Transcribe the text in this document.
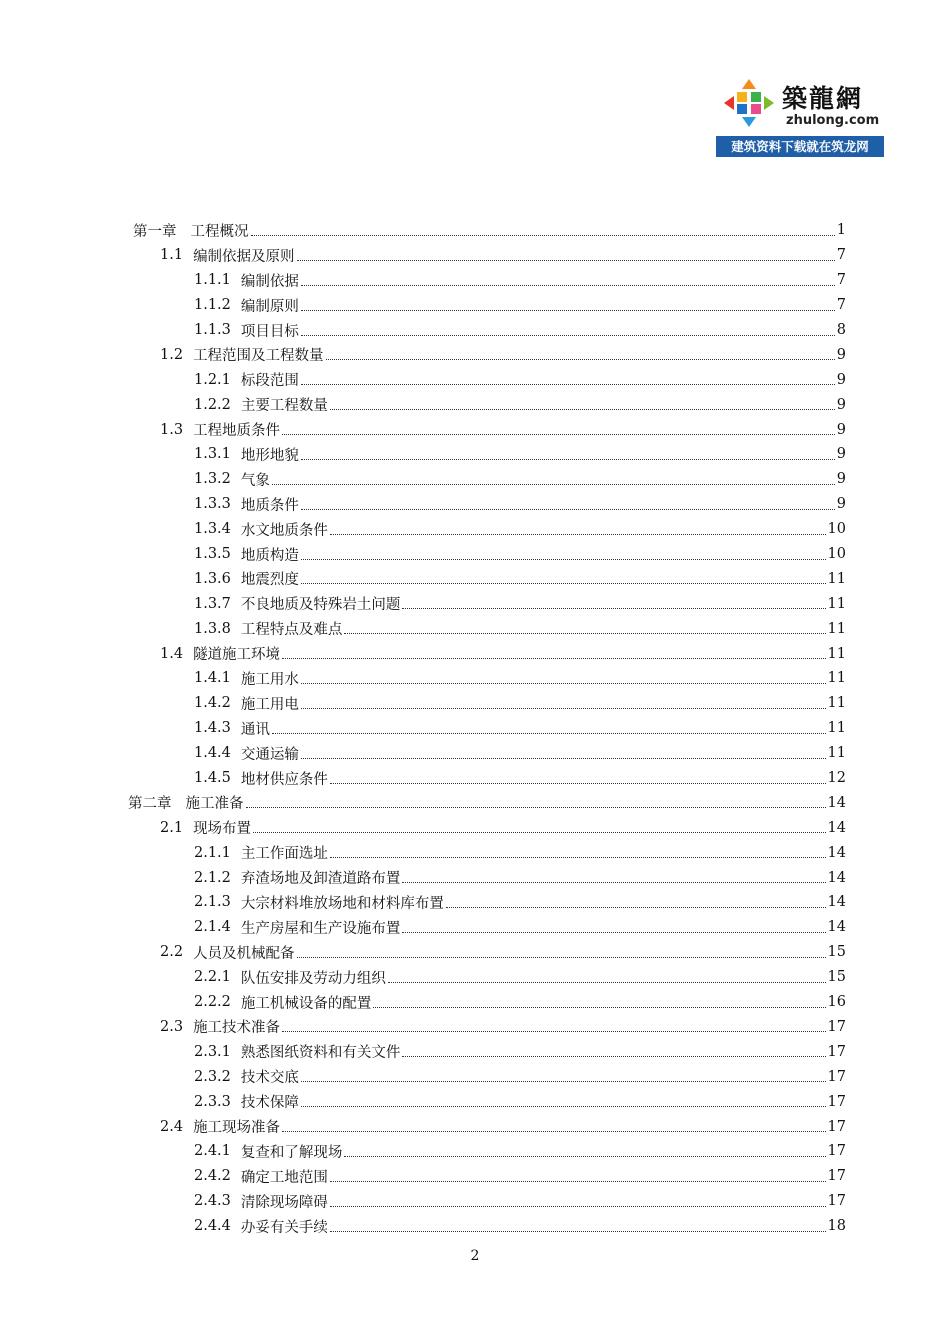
築龍網
zhulong.com
建筑资料下载就在筑龙网
第一章 工程概况	1
1.1 编制依据及原则	7
1.1.1 编制依据	7
1.1.2 编制原则	7
1.1.3 项目目标	8
1.2 工程范围及工程数量	9
1.2.1 标段范围	9
1.2.2 主要工程数量	9
1.3 工程地质条件	9
1.3.1 地形地貌	9
1.3.2 气象	9
1.3.3 地质条件	9
1.3.4 水文地质条件	10
1.3.5 地质构造	10
1.3.6 地震烈度	11
1.3.7 不良地质及特殊岩土问题	11
1.3.8 工程特点及难点	11
1.4 隧道施工环境	11
1.4.1 施工用水	11
1.4.2 施工用电	11
1.4.3 通讯	11
1.4.4 交通运输	11
1.4.5 地材供应条件	12
第二章 施工准备	14
2.1 现场布置	14
2.1.1 主工作面选址	14
2.1.2 弃渣场地及卸渣道路布置	14
2.1.3 大宗材料堆放场地和材料库布置	14
2.1.4 生产房屋和生产设施布置	14
2.2 人员及机械配备	15
2.2.1 队伍安排及劳动力组织	15
2.2.2 施工机械设备的配置	16
2.3 施工技术准备	17
2.3.1 熟悉图纸资料和有关文件	17
2.3.2 技术交底	17
2.3.3 技术保障	17
2.4 施工现场准备	17
2.4.1 复查和了解现场	17
2.4.2 确定工地范围	17
2.4.3 清除现场障碍	17
2.4.4 办妥有关手续	18
2
